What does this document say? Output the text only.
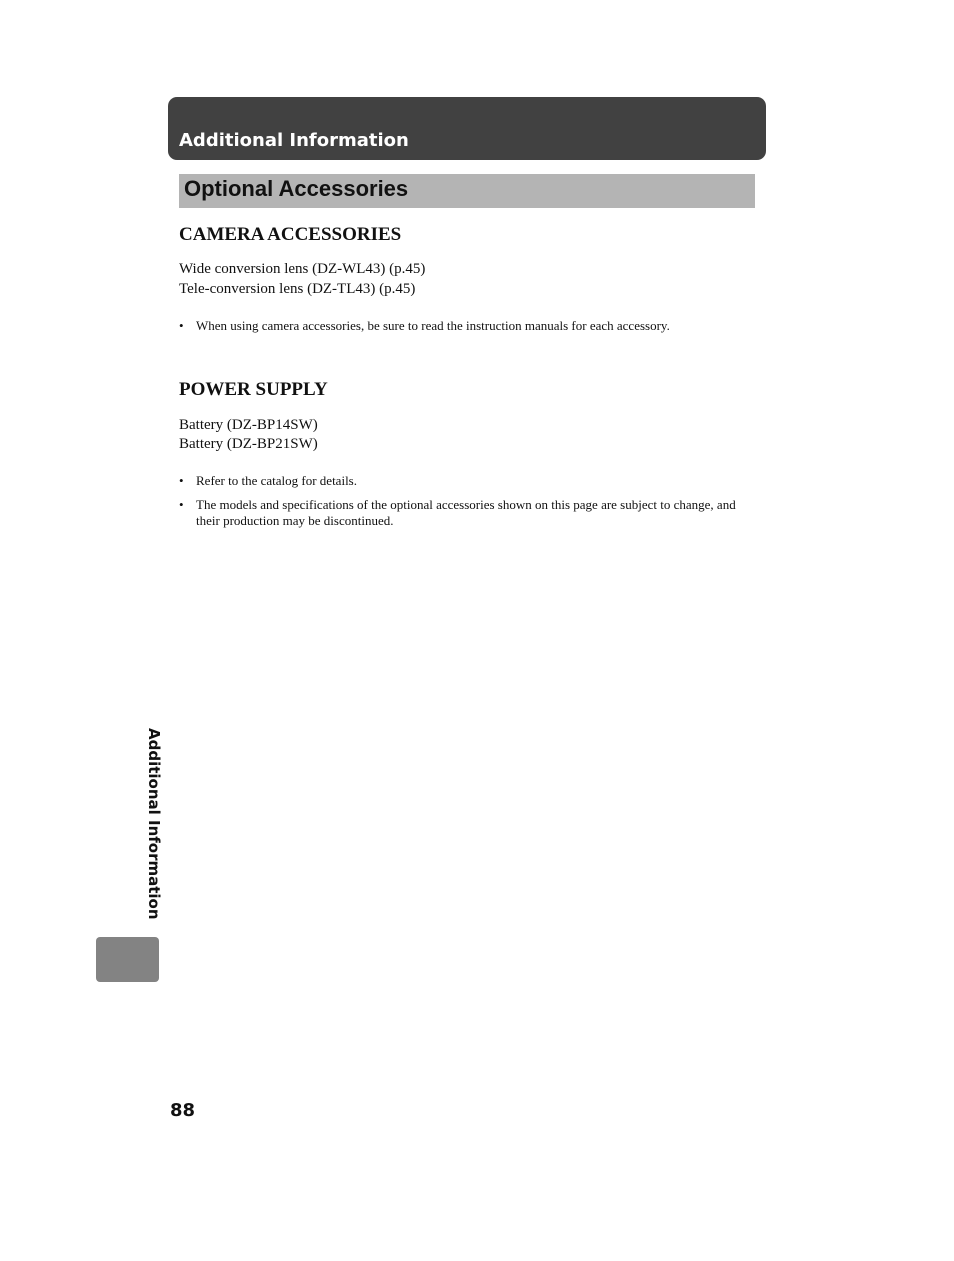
Additional Information
Optional Accessories
CAMERA ACCESSORIES
Wide conversion lens (DZ-WL43) (p.45)
Tele-conversion lens (DZ-TL43) (p.45)
• When using camera accessories, be sure to read the instruction manuals for each accessory.
POWER SUPPLY
Battery (DZ-BP14SW)
Battery (DZ-BP21SW)
• Refer to the catalog for details.
• The models and specifications of the optional accessories shown on this page are subject to change, and their production may be discontinued.
Additional Information
88
